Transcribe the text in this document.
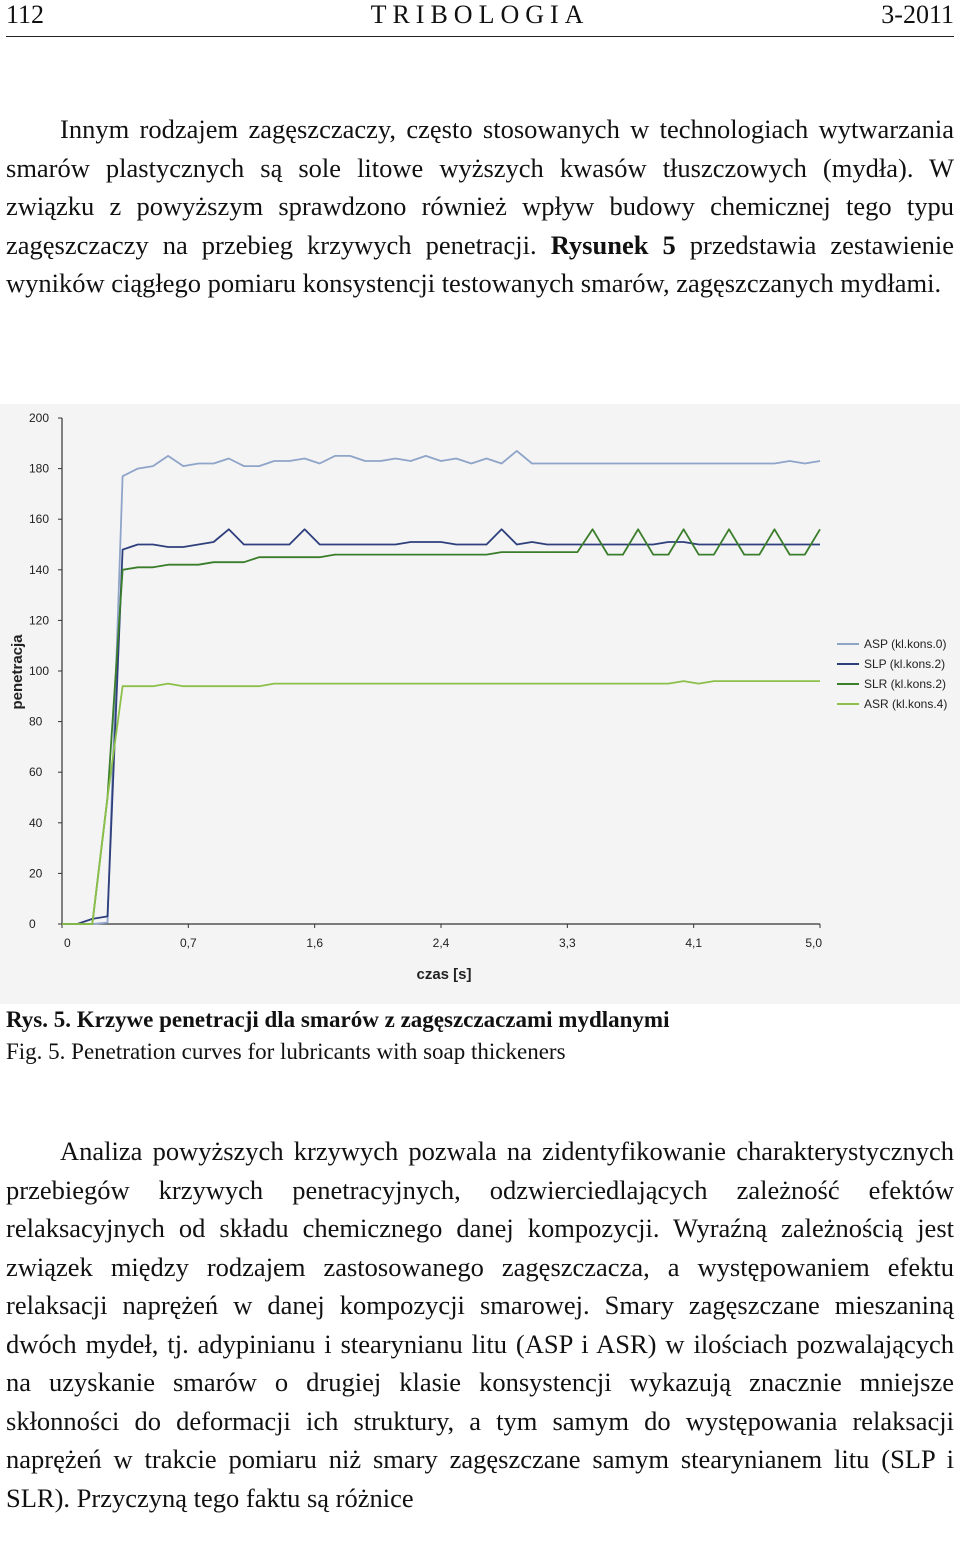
112	TRIBOLOGIA	3-2011

Innym rodzajem zagęszczaczy, często stosowanych w technologiach wytwarzania smarów plastycznych są sole litowe wyższych kwasów tłuszczowych (mydła). W związku z powyższym sprawdzono również wpływ budowy chemicznej tego typu zagęszczaczy na przebieg krzywych penetracji. Rysunek 5 przedstawia zestawienie wyników ciągłego pomiaru konsystencji testowanych smarów, zagęszczanych mydłami.

0
20
40
60
80
100
120
140
160
180
200
0	0,7	1,6	2,4	3,3	4,1	5,0
czas [s]
penetracja	ASP (kl.kons.0)
SLP (kl.kons.2)
SLR (kl.kons.2)
ASR (kl.kons.4)
Rys. 5. Krzywe penetracji dla smarów z zagęszczaczami mydlanymi
Fig. 5. Penetration curves for lubricants with soap thickeners

Analiza powyższych krzywych pozwala na zidentyfikowanie charakterystycznych przebiegów krzywych penetracyjnych, odzwierciedlających zależność efektów relaksacyjnych od składu chemicznego danej kompozycji. Wyraźną zależnością jest związek między rodzajem zastosowanego zagęszczacza, a występowaniem efektu relaksacji naprężeń w danej kompozycji smarowej. Smary zagęszczane mieszaniną dwóch mydeł, tj. adypinianu i stearynianu litu (ASP i ASR) w ilościach pozwalających na uzyskanie smarów o drugiej klasie konsystencji wykazują znacznie mniejsze skłonności do deformacji ich struktury, a tym samym do występowania relaksacji naprężeń w trakcie pomiaru niż smary zagęszczane samym stearynianem litu (SLP i SLR). Przyczyną tego faktu są różnice
